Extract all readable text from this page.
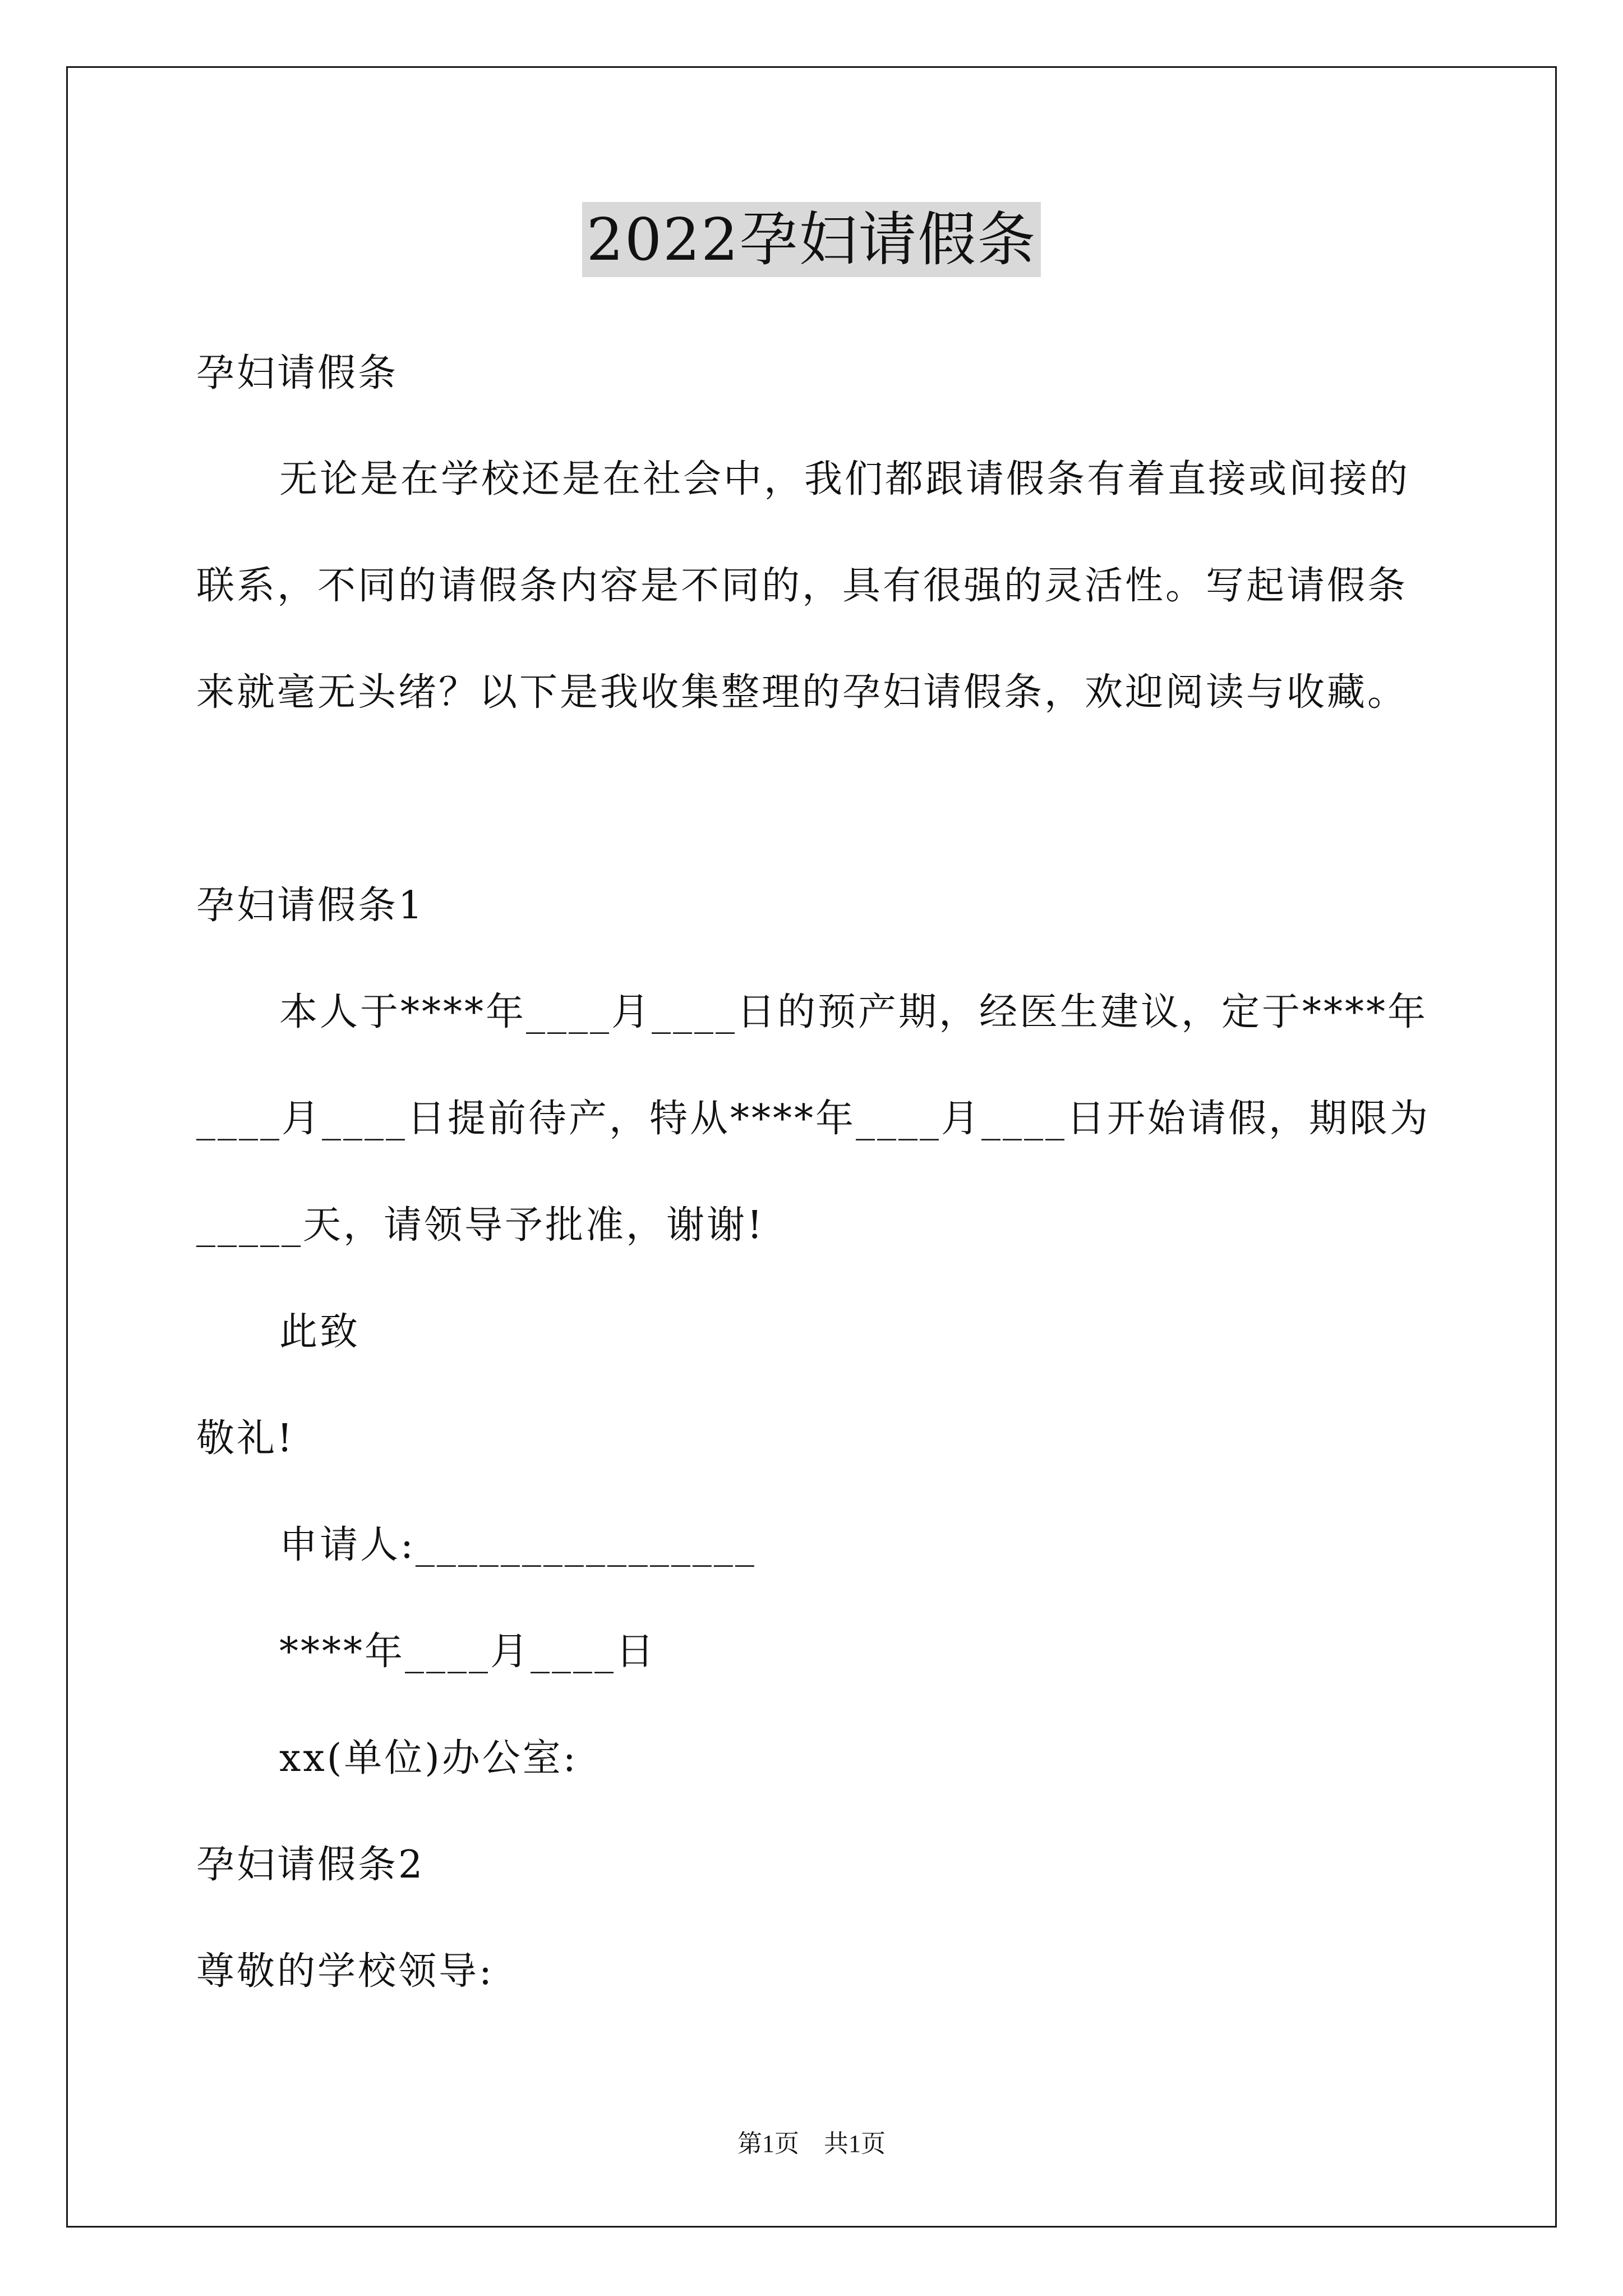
2022孕妇请假条
孕妇请假条
无论是在学校还是在社会中，我们都跟请假条有着直接或间接的
联系，不同的请假条内容是不同的，具有很强的灵活性。写起请假条
来就毫无头绪？以下是我收集整理的孕妇请假条，欢迎阅读与收藏。
孕妇请假条1
本人于****年____月____日的预产期，经医生建议，定于****年
____月____日提前待产，特从****年____月____日开始请假，期限为
_____天，请领导予批准，谢谢!
此致
敬礼!
申请人:________________
****年____月____日
xx(单位)办公室:
孕妇请假条2
尊敬的学校领导:
第1页　共1页
